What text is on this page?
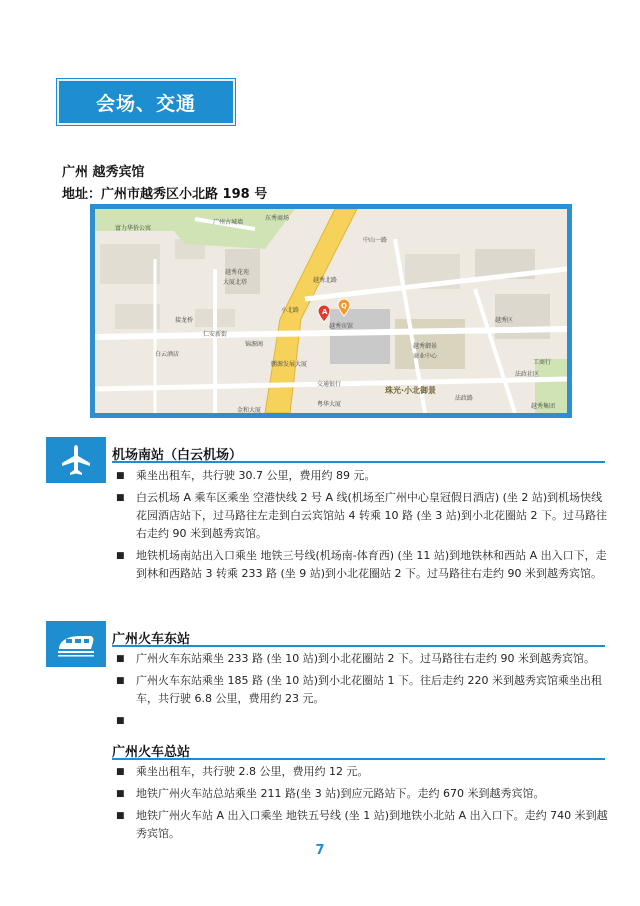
会场、交通
广州 越秀宾馆
地址：广州市越秀区小北路 198 号
广州古城墙
东秀商场
富力华侨公寓
中山一路
越秀花苑
大厦北塔
接龙桥
仁安新街
锦源阁
白云酒店
小北路
越秀北路
越秀宾馆
鹏源发展大厦
交通银行
粤华大厦
金和大厦
越秀御景
商业中心
珠光·小北御景
法政社区
越秀区
法政路
工商行
越秀集团
A
Q
机场南站（白云机场）
■ 乘坐出租车，共行驶 30.7 公里，费用约 89 元。
■ 白云机场 A 乘车区乘坐 空港快线 2 号 A 线(机场至广州中心皇冠假日酒店) (坐 2 站)到机场快线花园酒店站下，过马路往左走到白云宾馆站 4 转乘 10 路 (坐 3 站)到小北花圈站 2 下。过马路往右走约 90 米到越秀宾馆。
■ 地铁机场南站出入口乘坐 地铁三号线(机场南-体育西) (坐 11 站)到地铁林和西站 A 出入口下，走到林和西路站 3 转乘 233 路 (坐 9 站)到小北花圈站 2 下。过马路往右走约 90 米到越秀宾馆。
广州火车东站
■ 广州火车东站乘坐 233 路 (坐 10 站)到小北花圈站 2 下。过马路往右走约 90 米到越秀宾馆。
■ 广州火车东站乘坐 185 路 (坐 10 站)到小北花圈站 1 下。往后走约 220 米到越秀宾馆乘坐出租车，共行驶 6.8 公里，费用约 23 元。
广州火车总站
■ 乘坐出租车，共行驶 2.8 公里，费用约 12 元。
■ 地铁广州火车站总站乘坐 211 路(坐 3 站)到应元路站下。走约 670 米到越秀宾馆。
■ 地铁广州火车站 A 出入口乘坐 地铁五号线 (坐 1 站)到地铁小北站 A 出入口下。走约 740 米到越秀宾馆。
7
